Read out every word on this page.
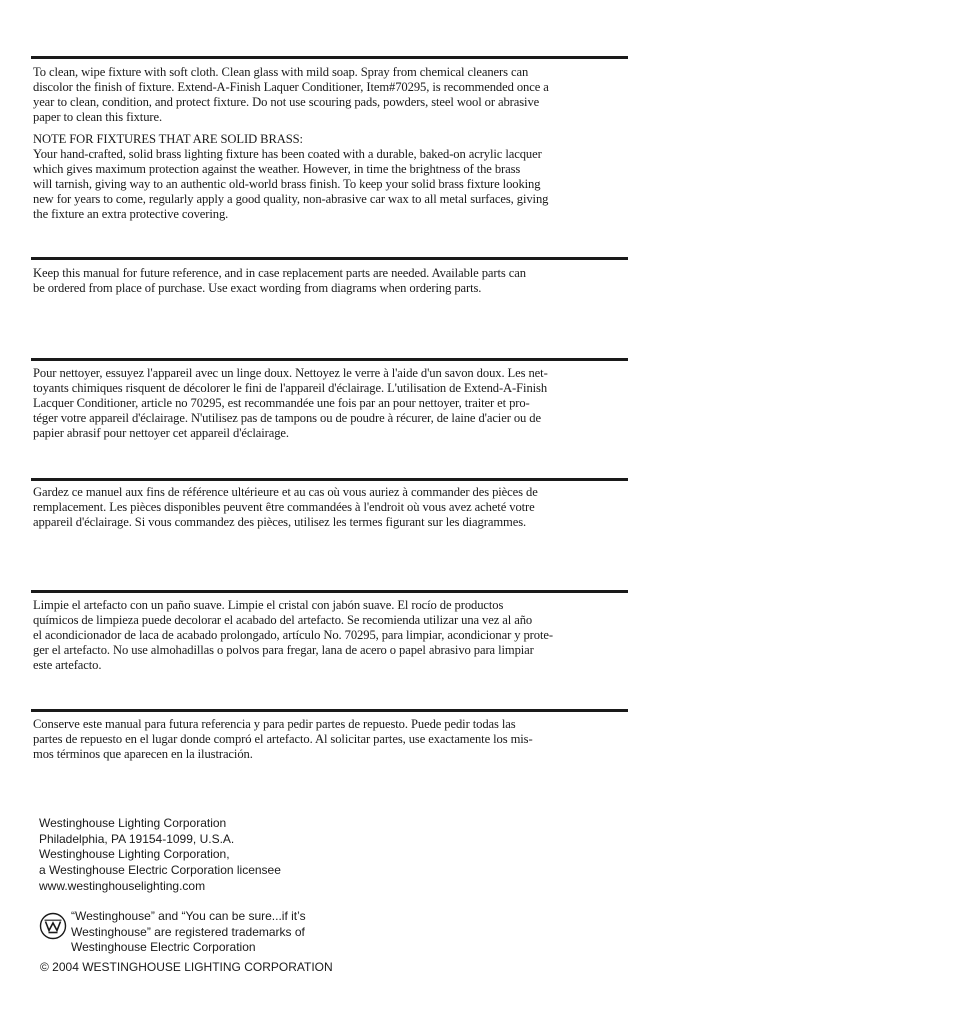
To clean, wipe fixture with soft cloth. Clean glass with mild soap. Spray from chemical cleaners can
discolor the finish of fixture. Extend-A-Finish Laquer Conditioner, Item#70295, is recommended once a
year to clean, condition, and protect fixture. Do not use scouring pads, powders, steel wool or abrasive
paper to clean this fixture.

NOTE FOR FIXTURES THAT ARE SOLID BRASS:
Your hand-crafted, solid brass lighting fixture has been coated with a durable, baked-on acrylic lacquer
which gives maximum protection against the weather. However, in time the brightness of the brass
will tarnish, giving way to an authentic old-world brass finish. To keep your solid brass fixture looking
new for years to come, regularly apply a good quality, non-abrasive car wax to all metal surfaces, giving
the fixture an extra protective covering.

Keep this manual for future reference, and in case replacement parts are needed. Available parts can
be ordered from place of purchase. Use exact wording from diagrams when ordering parts.

Pour nettoyer, essuyez l'appareil avec un linge doux. Nettoyez le verre à l'aide d'un savon doux. Les net-
toyants chimiques risquent de décolorer le fini de l'appareil d'éclairage. L'utilisation de Extend-A-Finish
Lacquer Conditioner, article no 70295, est recommandée une fois par an pour nettoyer, traiter et pro-
téger votre appareil d'éclairage. N'utilisez pas de tampons ou de poudre à récurer, de laine d'acier ou de
papier abrasif pour nettoyer cet appareil d'éclairage.

Gardez ce manuel aux fins de référence ultérieure et au cas où vous auriez à commander des pièces de
remplacement. Les pièces disponibles peuvent être commandées à l'endroit où vous avez acheté votre
appareil d'éclairage. Si vous commandez des pièces, utilisez les termes figurant sur les diagrammes.

Limpie el artefacto con un paño suave. Limpie el cristal con jabón suave. El rocío de productos
químicos de limpieza puede decolorar el acabado del artefacto. Se recomienda utilizar una vez al año
el acondicionador de laca de acabado prolongado, artículo No. 70295, para limpiar, acondicionar y prote-
ger el artefacto. No use almohadillas o polvos para fregar, lana de acero o papel abrasivo para limpiar
este artefacto.

Conserve este manual para futura referencia y para pedir partes de repuesto. Puede pedir todas las
partes de repuesto en el lugar donde compró el artefacto. Al solicitar partes, use exactamente los mis-
mos términos que aparecen en la ilustración.

Westinghouse Lighting Corporation

Philadelphia, PA 19154-1099, U.S.A.

Westinghouse Lighting Corporation,

a Westinghouse Electric Corporation licensee

www.westinghouselighting.com

“Westinghouse” and “You can be sure...if it’s
Westinghouse” are registered trademarks of
Westinghouse Electric Corporation

© 2004 WESTINGHOUSE LIGHTING CORPORATION
